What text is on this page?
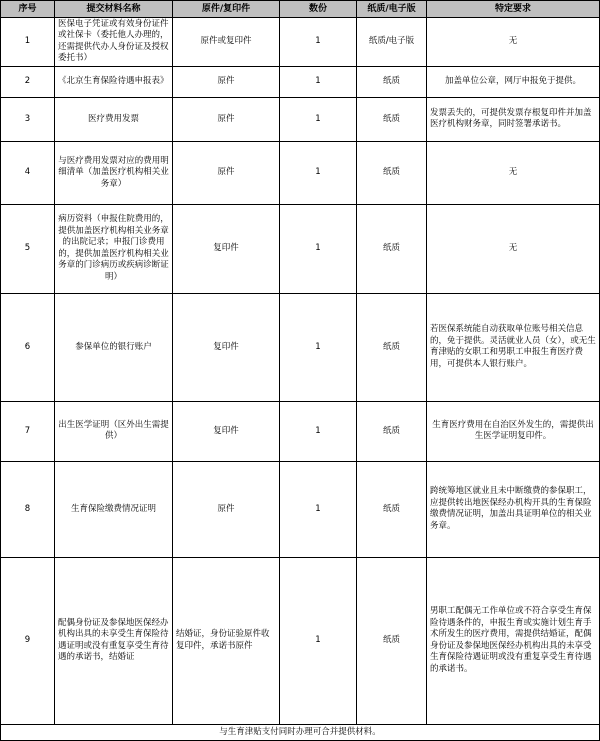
序号	提交材料名称	原件/复印件	数份	纸质/电子版	特定要求
1	医保电子凭证或有效身份证件或社保卡（委托他人办理的，还需提供代办人身份证及授权委托书）	原件或复印件	1	纸质/电子版	无
2	《北京生育保险待遇申报表》	原件	1	纸质	加盖单位公章，网厅申报免于提供。
3	医疗费用发票	原件	1	纸质	发票丢失的，可提供发票存根复印件并加盖医疗机构财务章，同时签署承诺书。
4	与医疗费用发票对应的费用明细清单（加盖医疗机构相关业务章）	原件	1	纸质	无
5	病历资料（申报住院费用的，提供加盖医疗机构相关业务章的出院记录；申报门诊费用的，提供加盖医疗机构相关业务章的门诊病历或疾病诊断证明）	复印件	1	纸质	无
6	参保单位的银行账户	复印件	1	纸质	若医保系统能自动获取单位账号相关信息的，免于提供。灵活就业人员（女），或无生育津贴的女职工和男职工申报生育医疗费用，可提供本人银行账户。
7	出生医学证明（区外出生需提供）	复印件	1	纸质	生育医疗费用在自治区外发生的，需提供出生医学证明复印件。
8	生育保险缴费情况证明	原件	1	纸质	跨统筹地区就业且未中断缴费的参保职工，应提供转出地医保经办机构开具的生育保险缴费情况证明，加盖出具证明单位的相关业务章。
9	配偶身份证及参保地医保经办机构出具的未享受生育保险待遇证明或没有重复享受生育待遇的承诺书，结婚证	结婚证，身份证验原件收复印件，承诺书原件	1	纸质	男职工配偶无工作单位或不符合享受生育保险待遇条件的，申报生育或实施计划生育手术所发生的医疗费用，需提供结婚证，配偶身份证及参保地医保经办机构出具的未享受生育保险待遇证明或没有重复享受生育待遇的承诺书。
与生育津贴支付同时办理可合并提供材料。					
